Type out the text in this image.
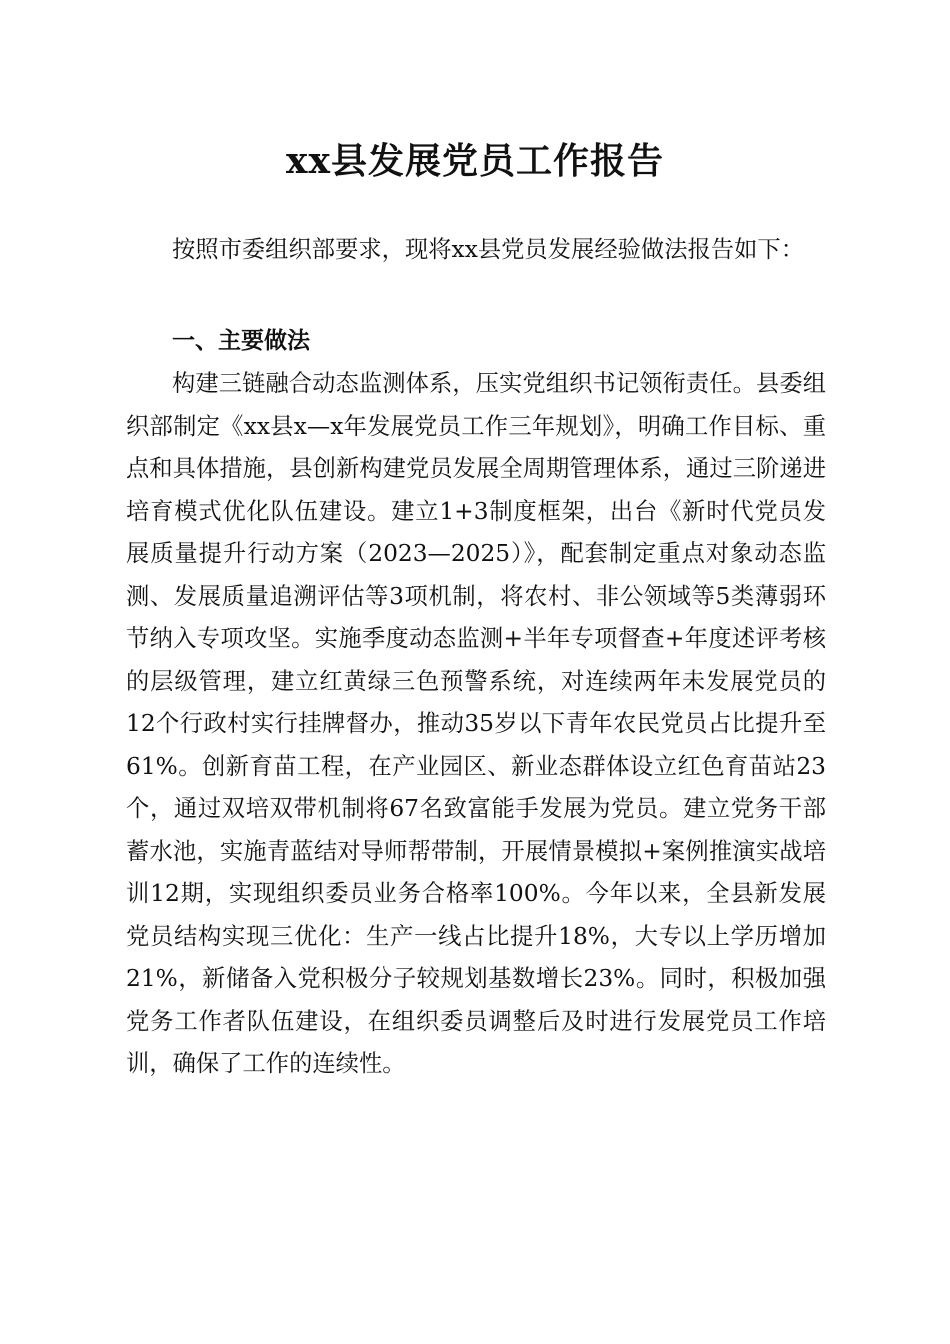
xx县发展党员工作报告

按照市委组织部要求，现将xx县党员发展经验做法报告如下：

一、主要做法

构建三链融合动态监测体系，压实党组织书记领衔责任。县委组织部制定《xx县x—x年发展党员工作三年规划》，明确工作目标、重点和具体措施，县创新构建党员发展全周期管理体系，通过三阶递进培育模式优化队伍建设。建立1+3制度框架，出台《新时代党员发展质量提升行动方案（2023—2025）》，配套制定重点对象动态监测、发展质量追溯评估等3项机制，将农村、非公领域等5类薄弱环节纳入专项攻坚。实施季度动态监测+半年专项督查+年度述评考核的层级管理，建立红黄绿三色预警系统，对连续两年未发展党员的12个行政村实行挂牌督办，推动35岁以下青年农民党员占比提升至61%。创新育苗工程，在产业园区、新业态群体设立红色育苗站23个，通过双培双带机制将67名致富能手发展为党员。建立党务干部蓄水池，实施青蓝结对导师帮带制，开展情景模拟+案例推演实战培训12期，实现组织委员业务合格率100%。今年以来，全县新发展党员结构实现三优化：生产一线占比提升18%，大专以上学历增加21%，新储备入党积极分子较规划基数增长23%。同时，积极加强党务工作者队伍建设，在组织委员调整后及时进行发展党员工作培训，确保了工作的连续性。
